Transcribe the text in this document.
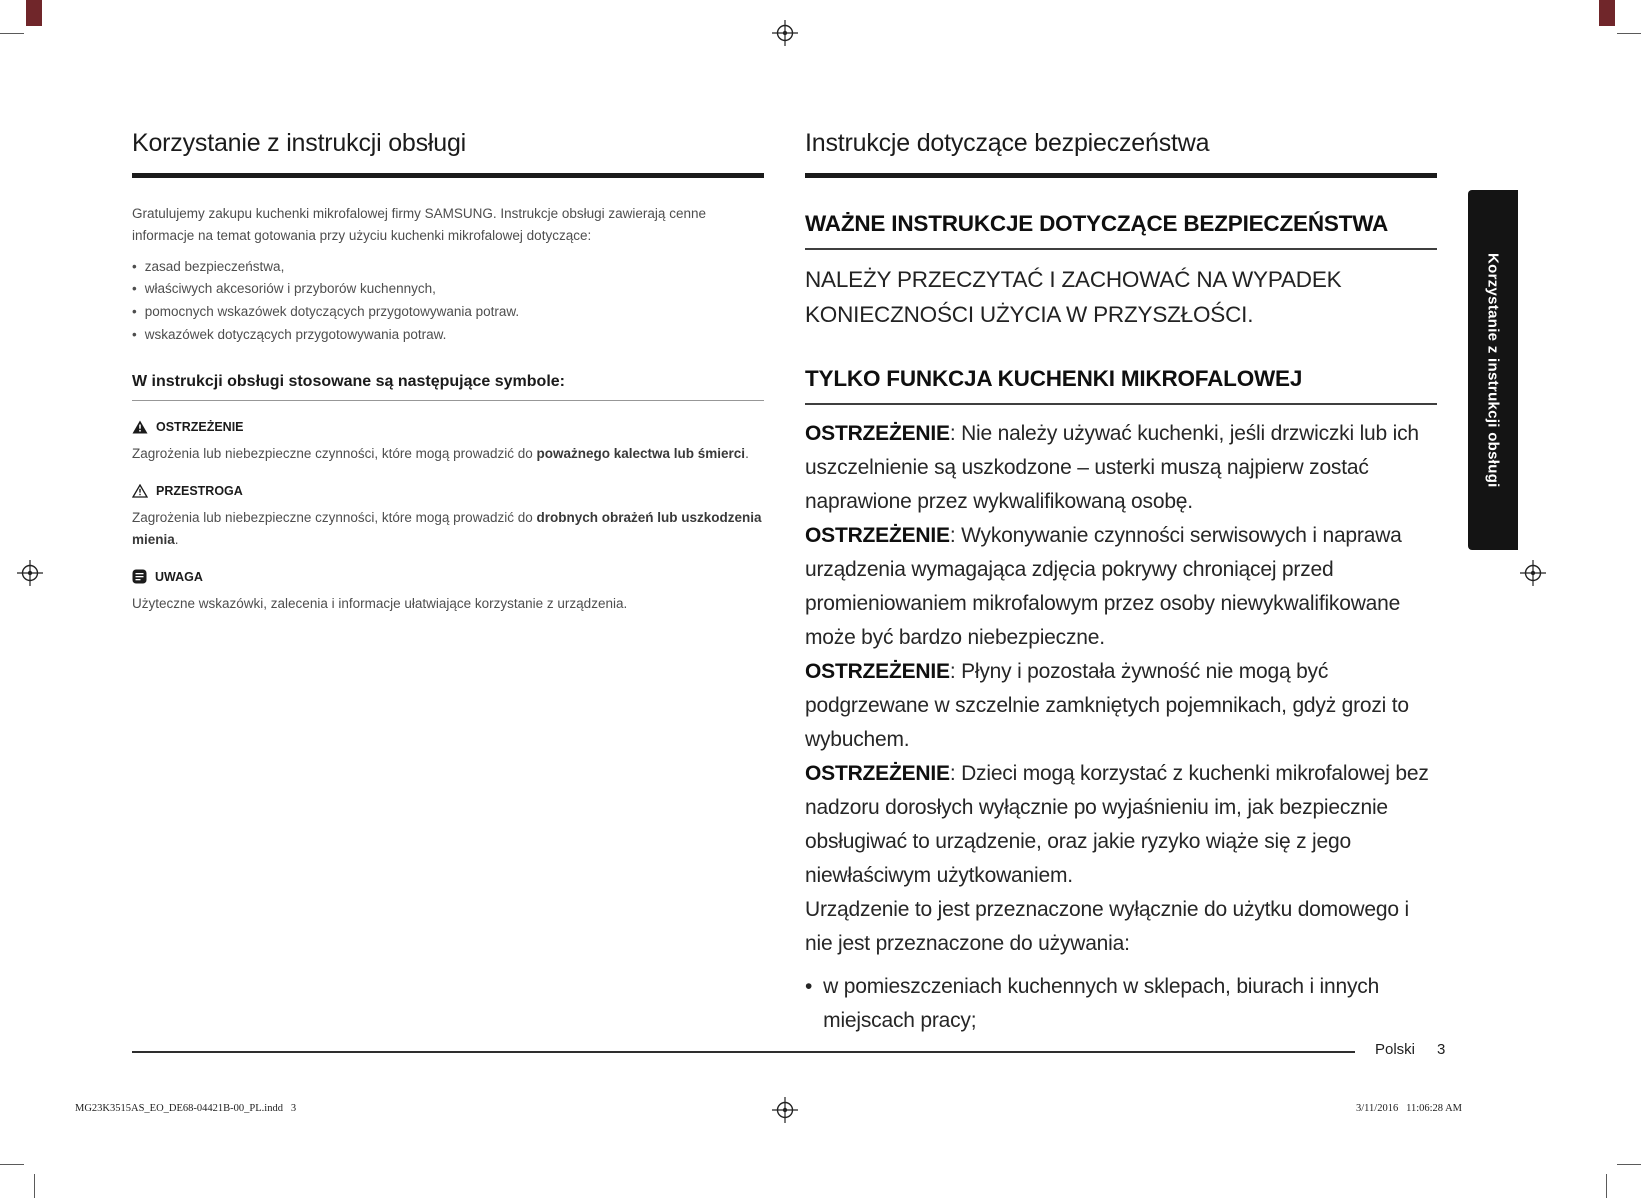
Korzystanie z instrukcji obsługi

Gratulujemy zakupu kuchenki mikrofalowej firmy SAMSUNG. Instrukcje obsługi zawierają cenne informacje na temat gotowania przy użyciu kuchenki mikrofalowej dotyczące:

• zasad bezpieczeństwa,
• właściwych akcesoriów i przyborów kuchennych,
• pomocnych wskazówek dotyczących przygotowywania potraw.
• wskazówek dotyczących przygotowywania potraw.
W instrukcji obsługi stosowane są następujące symbole:
OSTRZEŻENIE

Zagrożenia lub niebezpieczne czynności, które mogą prowadzić do poważnego kalectwa lub śmierci.

PRZESTROGA

Zagrożenia lub niebezpieczne czynności, które mogą prowadzić do drobnych obrażeń lub uszkodzenia mienia.

UWAGA

Użyteczne wskazówki, zalecenia i informacje ułatwiające korzystanie z urządzenia.

Instrukcje dotyczące bezpieczeństwa
WAŻNE INSTRUKCJE DOTYCZĄCE BEZPIECZEŃSTWA
NALEŻY PRZECZYTAĆ I ZACHOWAĆ NA WYPADEK KONIECZNOŚCI UŻYCIA W PRZYSZŁOŚCI.
TYLKO FUNKCJA KUCHENKI MIKROFALOWEJ

OSTRZEŻENIE: Nie należy używać kuchenki, jeśli drzwiczki lub ich uszczelnienie są uszkodzone – usterki muszą najpierw zostać naprawione przez wykwalifikowaną osobę.

OSTRZEŻENIE: Wykonywanie czynności serwisowych i naprawa urządzenia wymagająca zdjęcia pokrywy chroniącej przed promieniowaniem mikrofalowym przez osoby niewykwalifikowane może być bardzo niebezpieczne.

OSTRZEŻENIE: Płyny i pozostała żywność nie mogą być podgrzewane w szczelnie zamkniętych pojemnikach, gdyż grozi to wybuchem.

OSTRZEŻENIE: Dzieci mogą korzystać z kuchenki mikrofalowej bez nadzoru dorosłych wyłącznie po wyjaśnieniu im, jak bezpiecznie obsługiwać to urządzenie, oraz jakie ryzyko wiąże się z jego niewłaściwym użytkowaniem.

Urządzenie to jest przeznaczone wyłącznie do użytku domowego i nie jest przeznaczone do używania:

• w pomieszczeniach kuchennych w sklepach, biurach i innych miejscach pracy;
Korzystanie z instrukcji obsługi
Polski 3
MG23K3515AS_EO_DE68-04421B-00_PL.indd   3	3/11/2016   11:06:28 AM
